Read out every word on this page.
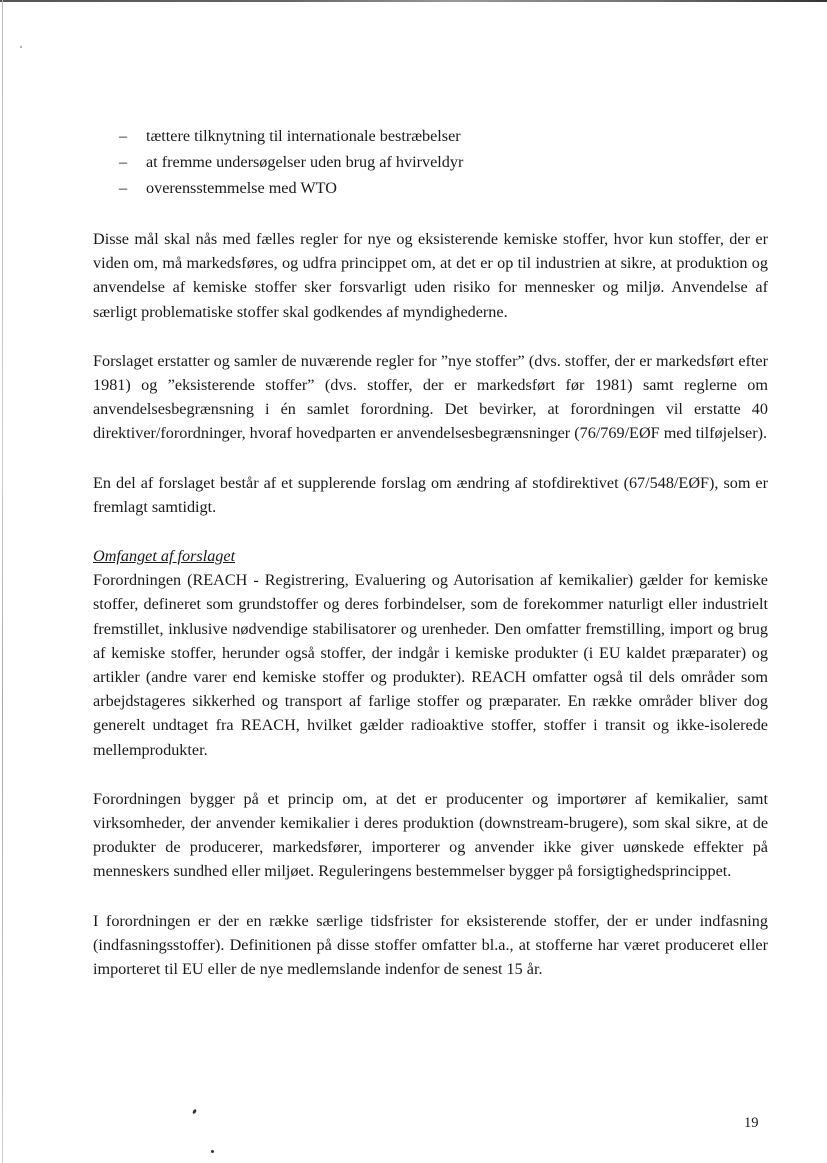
– tættere tilknytning til internationale bestræbelser
– at fremme undersøgelser uden brug af hvirveldyr
– overensstemmelse med WTO

Disse mål skal nås med fælles regler for nye og eksisterende kemiske stoffer, hvor kun stoffer, der er viden om, må markedsføres, og udfra princippet om, at det er op til industrien at sikre, at produktion og anvendelse af kemiske stoffer sker forsvarligt uden risiko for mennesker og miljø. Anvendelse af særligt problematiske stoffer skal godkendes af myndighederne.

Forslaget erstatter og samler de nuværende regler for ”nye stoffer” (dvs. stoffer, der er markedsført efter 1981) og ”eksisterende stoffer” (dvs. stoffer, der er markedsført før 1981) samt reglerne om anvendelsesbegrænsning i én samlet forordning. Det bevirker, at forordningen vil erstatte 40 direktiver/forordninger, hvoraf hovedparten er anvendelsesbegrænsninger (76/769/EØF med tilføjelser).

En del af forslaget består af et supplerende forslag om ændring af stofdirektivet (67/548/EØF), som er fremlagt samtidigt.

Omfanget af forslaget

Forordningen (REACH - Registrering, Evaluering og Autorisation af kemikalier) gælder for kemiske stoffer, defineret som grundstoffer og deres forbindelser, som de forekommer naturligt eller industrielt fremstillet, inklusive nødvendige stabilisatorer og urenheder. Den omfatter fremstilling, import og brug af kemiske stoffer, herunder også stoffer, der indgår i kemiske produkter (i EU kaldet præparater) og artikler (andre varer end kemiske stoffer og produkter). REACH omfatter også til dels områder som arbejdstageres sikkerhed og transport af farlige stoffer og præparater. En række områder bliver dog generelt undtaget fra REACH, hvilket gælder radioaktive stoffer, stoffer i transit og ikke-isolerede mellemprodukter.

Forordningen bygger på et princip om, at det er producenter og importører af kemikalier, samt virksomheder, der anvender kemikalier i deres produktion (downstream-brugere), som skal sikre, at de produkter de producerer, markedsfører, importerer og anvender ikke giver uønskede effekter på menneskers sundhed eller miljøet. Reguleringens bestemmelser bygger på forsigtighedsprincippet.

I forordningen er der en række særlige tidsfrister for eksisterende stoffer, der er under indfasning (indfasningsstoffer). Definitionen på disse stoffer omfatter bl.a., at stofferne har været produceret eller importeret til EU eller de nye medlemslande indenfor de senest 15 år.

19
